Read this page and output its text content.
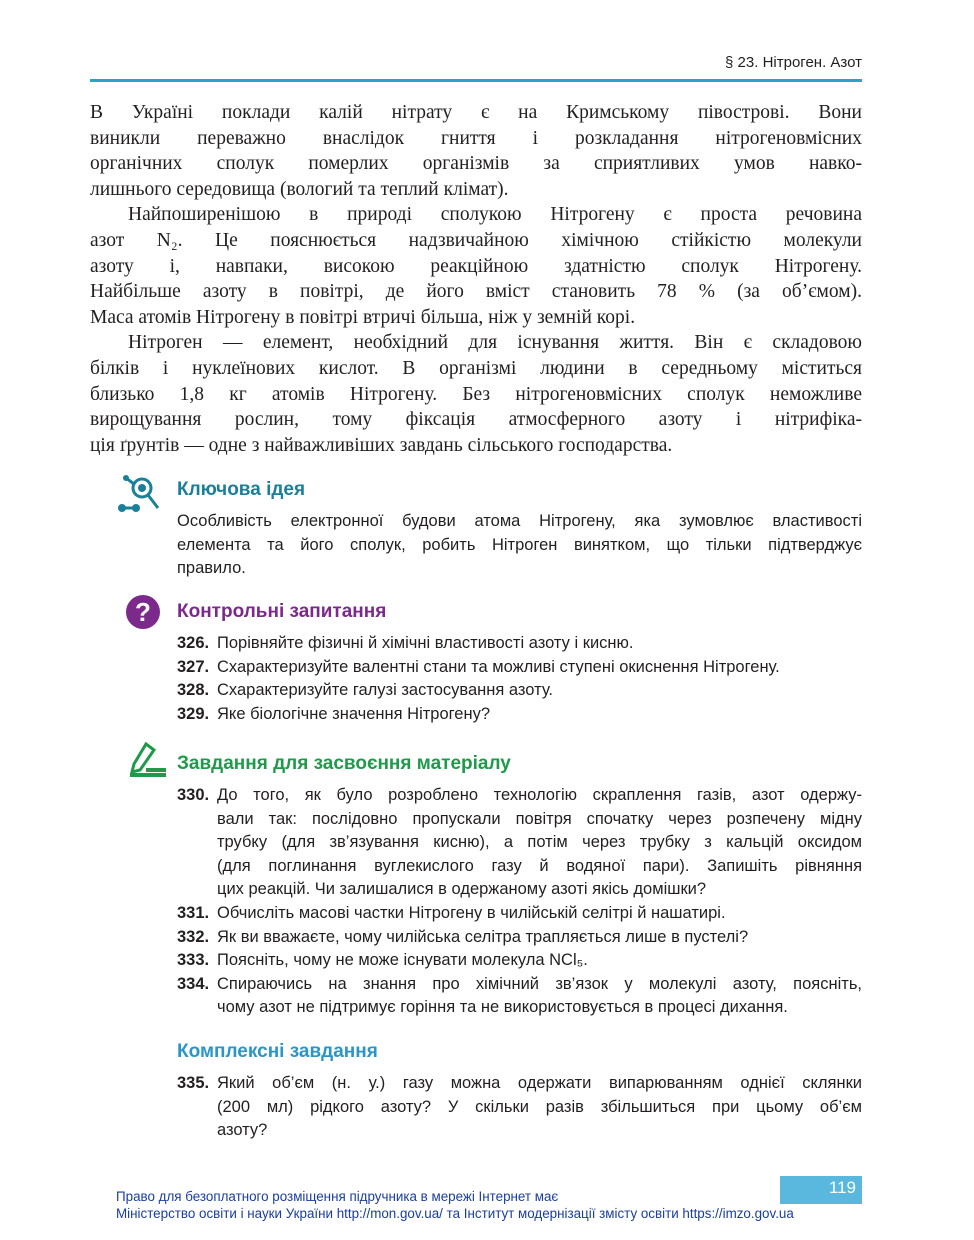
§ 23. Нітроген. Азот
В Україні поклади калій нітрату є на Кримському півострові. Вони
виникли переважно внаслідок гниття і розкладання нітрогеновмісних
органічних сполук померлих організмів за сприятливих умов навко-
лишнього середовища (вологий та теплий клімат).
Найпоширенішою в природі сполукою Нітрогену є проста речовина
азот N₂. Це пояснюється надзвичайною хімічною стійкістю молекули
азоту і, навпаки, високою реакційною здатністю сполук Нітрогену.
Найбільше азоту в повітрі, де його вміст становить 78 % (за об’ємом).
Маса атомів Нітрогену в повітрі втричі більша, ніж у земній корі.
Нітроген — елемент, необхідний для існування життя. Він є складовою
білків і нуклеїнових кислот. В організмі людини в середньому міститься
близько 1,8 кг атомів Нітрогену. Без нітрогеновмісних сполук неможливе
вирощування рослин, тому фіксація атмосферного азоту і нітрифіка-
ція ґрунтів — одне з найважливіших завдань сільського господарства.
Ключова ідея
Особливість електронної будови атома Нітрогену, яка зумовлює властивості
елемента та його сполук, робить Нітроген винятком, що тільки підтверджує
правило.
? Контрольні запитання
326. Порівняйте фізичні й хімічні властивості азоту і кисню.
327. Схарактеризуйте валентні стани та можливі ступені окиснення Нітрогену.
328. Схарактеризуйте галузі застосування азоту.
329. Яке біологічне значення Нітрогену?
Завдання для засвоєння матеріалу
330. До того, як було розроблено технологію скраплення газів, азот одержу-
вали так: послідовно пропускали повітря спочатку через розпечену мідну
трубку (для зв’язування кисню), а потім через трубку з кальцій оксидом
(для поглинання вуглекислого газу й водяної пари). Запишіть рівняння
цих реакцій. Чи залишалися в одержаному азоті якісь домішки?
331. Обчисліть масові частки Нітрогену в чилійській селітрі й нашатирі.
332. Як ви вважаєте, чому чилійська селітра трапляється лише в пустелі?
333. Поясніть, чому не може існувати молекула NCl₅.
334. Спираючись на знання про хімічний зв’язок у молекулі азоту, поясніть,
чому азот не підтримує горіння та не використовується в процесі дихання.
Комплексні завдання
335. Який об’єм (н. у.) газу можна одержати випарюванням однієї склянки
(200 мл) рідкого азоту? У скільки разів збільшиться при цьому об’єм
азоту?
119
Право для безоплатного розміщення підручника в мережі Інтернет має
Міністерство освіти і науки України http://mon.gov.ua/ та Інститут модернізації змісту освіти https://imzo.gov.ua
